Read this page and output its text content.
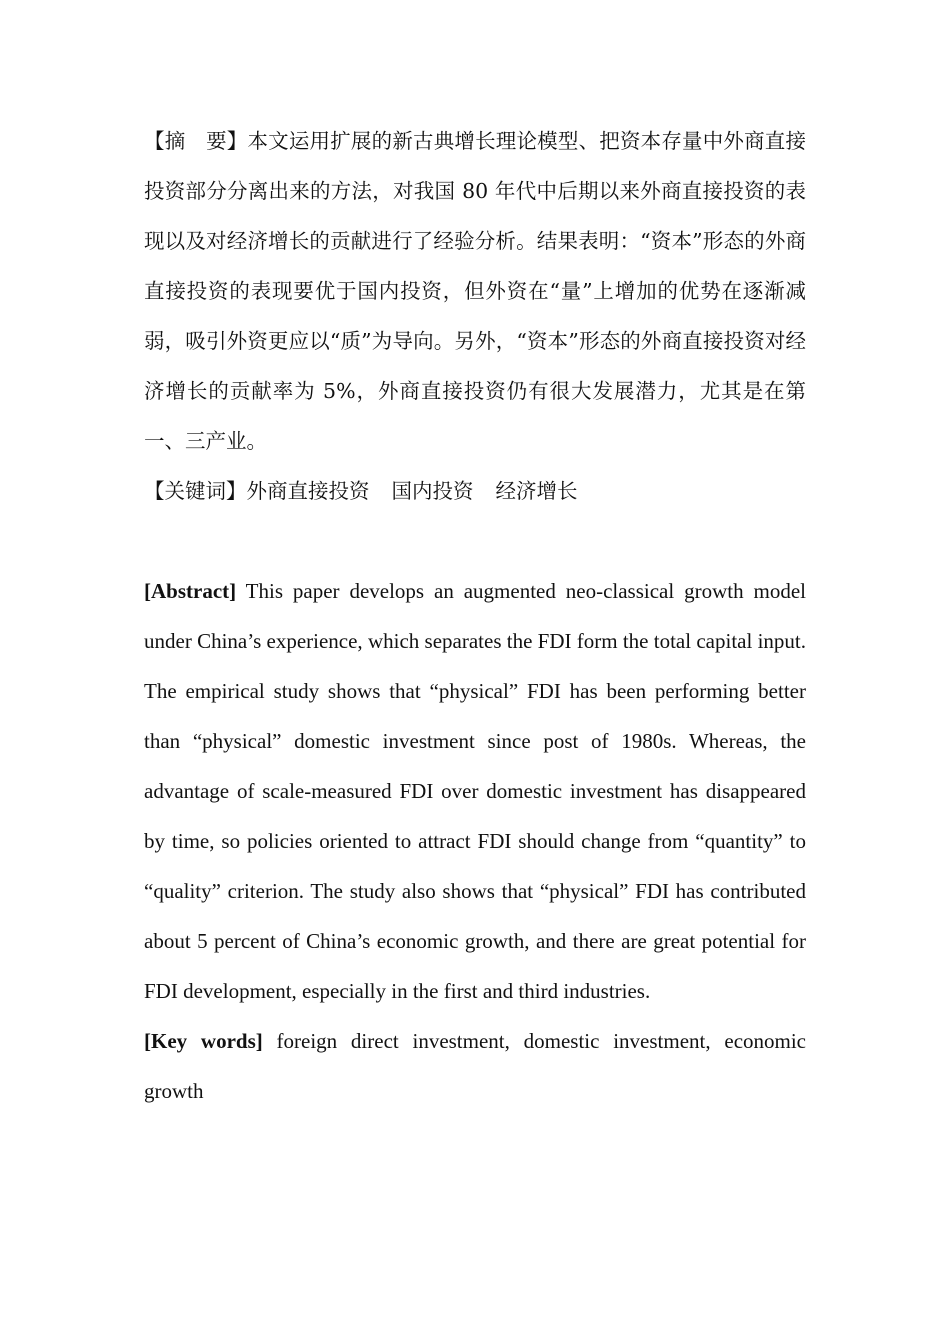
【摘　要】本文运用扩展的新古典增长理论模型、把资本存量中外商直接投资部分分离出来的方法，对我国 80 年代中后期以来外商直接投资的表现以及对经济增长的贡献进行了经验分析。结果表明：“资本”形态的外商直接投资的表现要优于国内投资，但外资在“量”上增加的优势在逐渐减弱，吸引外资更应以“质”为导向。另外，“资本”形态的外商直接投资对经济增长的贡献率为 5%，外商直接投资仍有很大发展潜力，尤其是在第一、三产业。

【关键词】外商直接投资 国内投资 经济增长

[Abstract] This paper develops an augmented neo-classical growth model under China’s experience, which separates the FDI form the total capital input. The empirical study shows that “physical” FDI has been performing better than “physical” domestic investment since post of 1980s. Whereas, the advantage of scale-measured FDI over domestic investment has disappeared by time, so policies oriented to attract FDI should change from “quantity” to “quality” criterion. The study also shows that “physical” FDI has contributed about 5 percent of China’s economic growth, and there are great potential for FDI development, especially in the first and third industries.

[Key words] foreign direct investment, domestic investment, economic growth
